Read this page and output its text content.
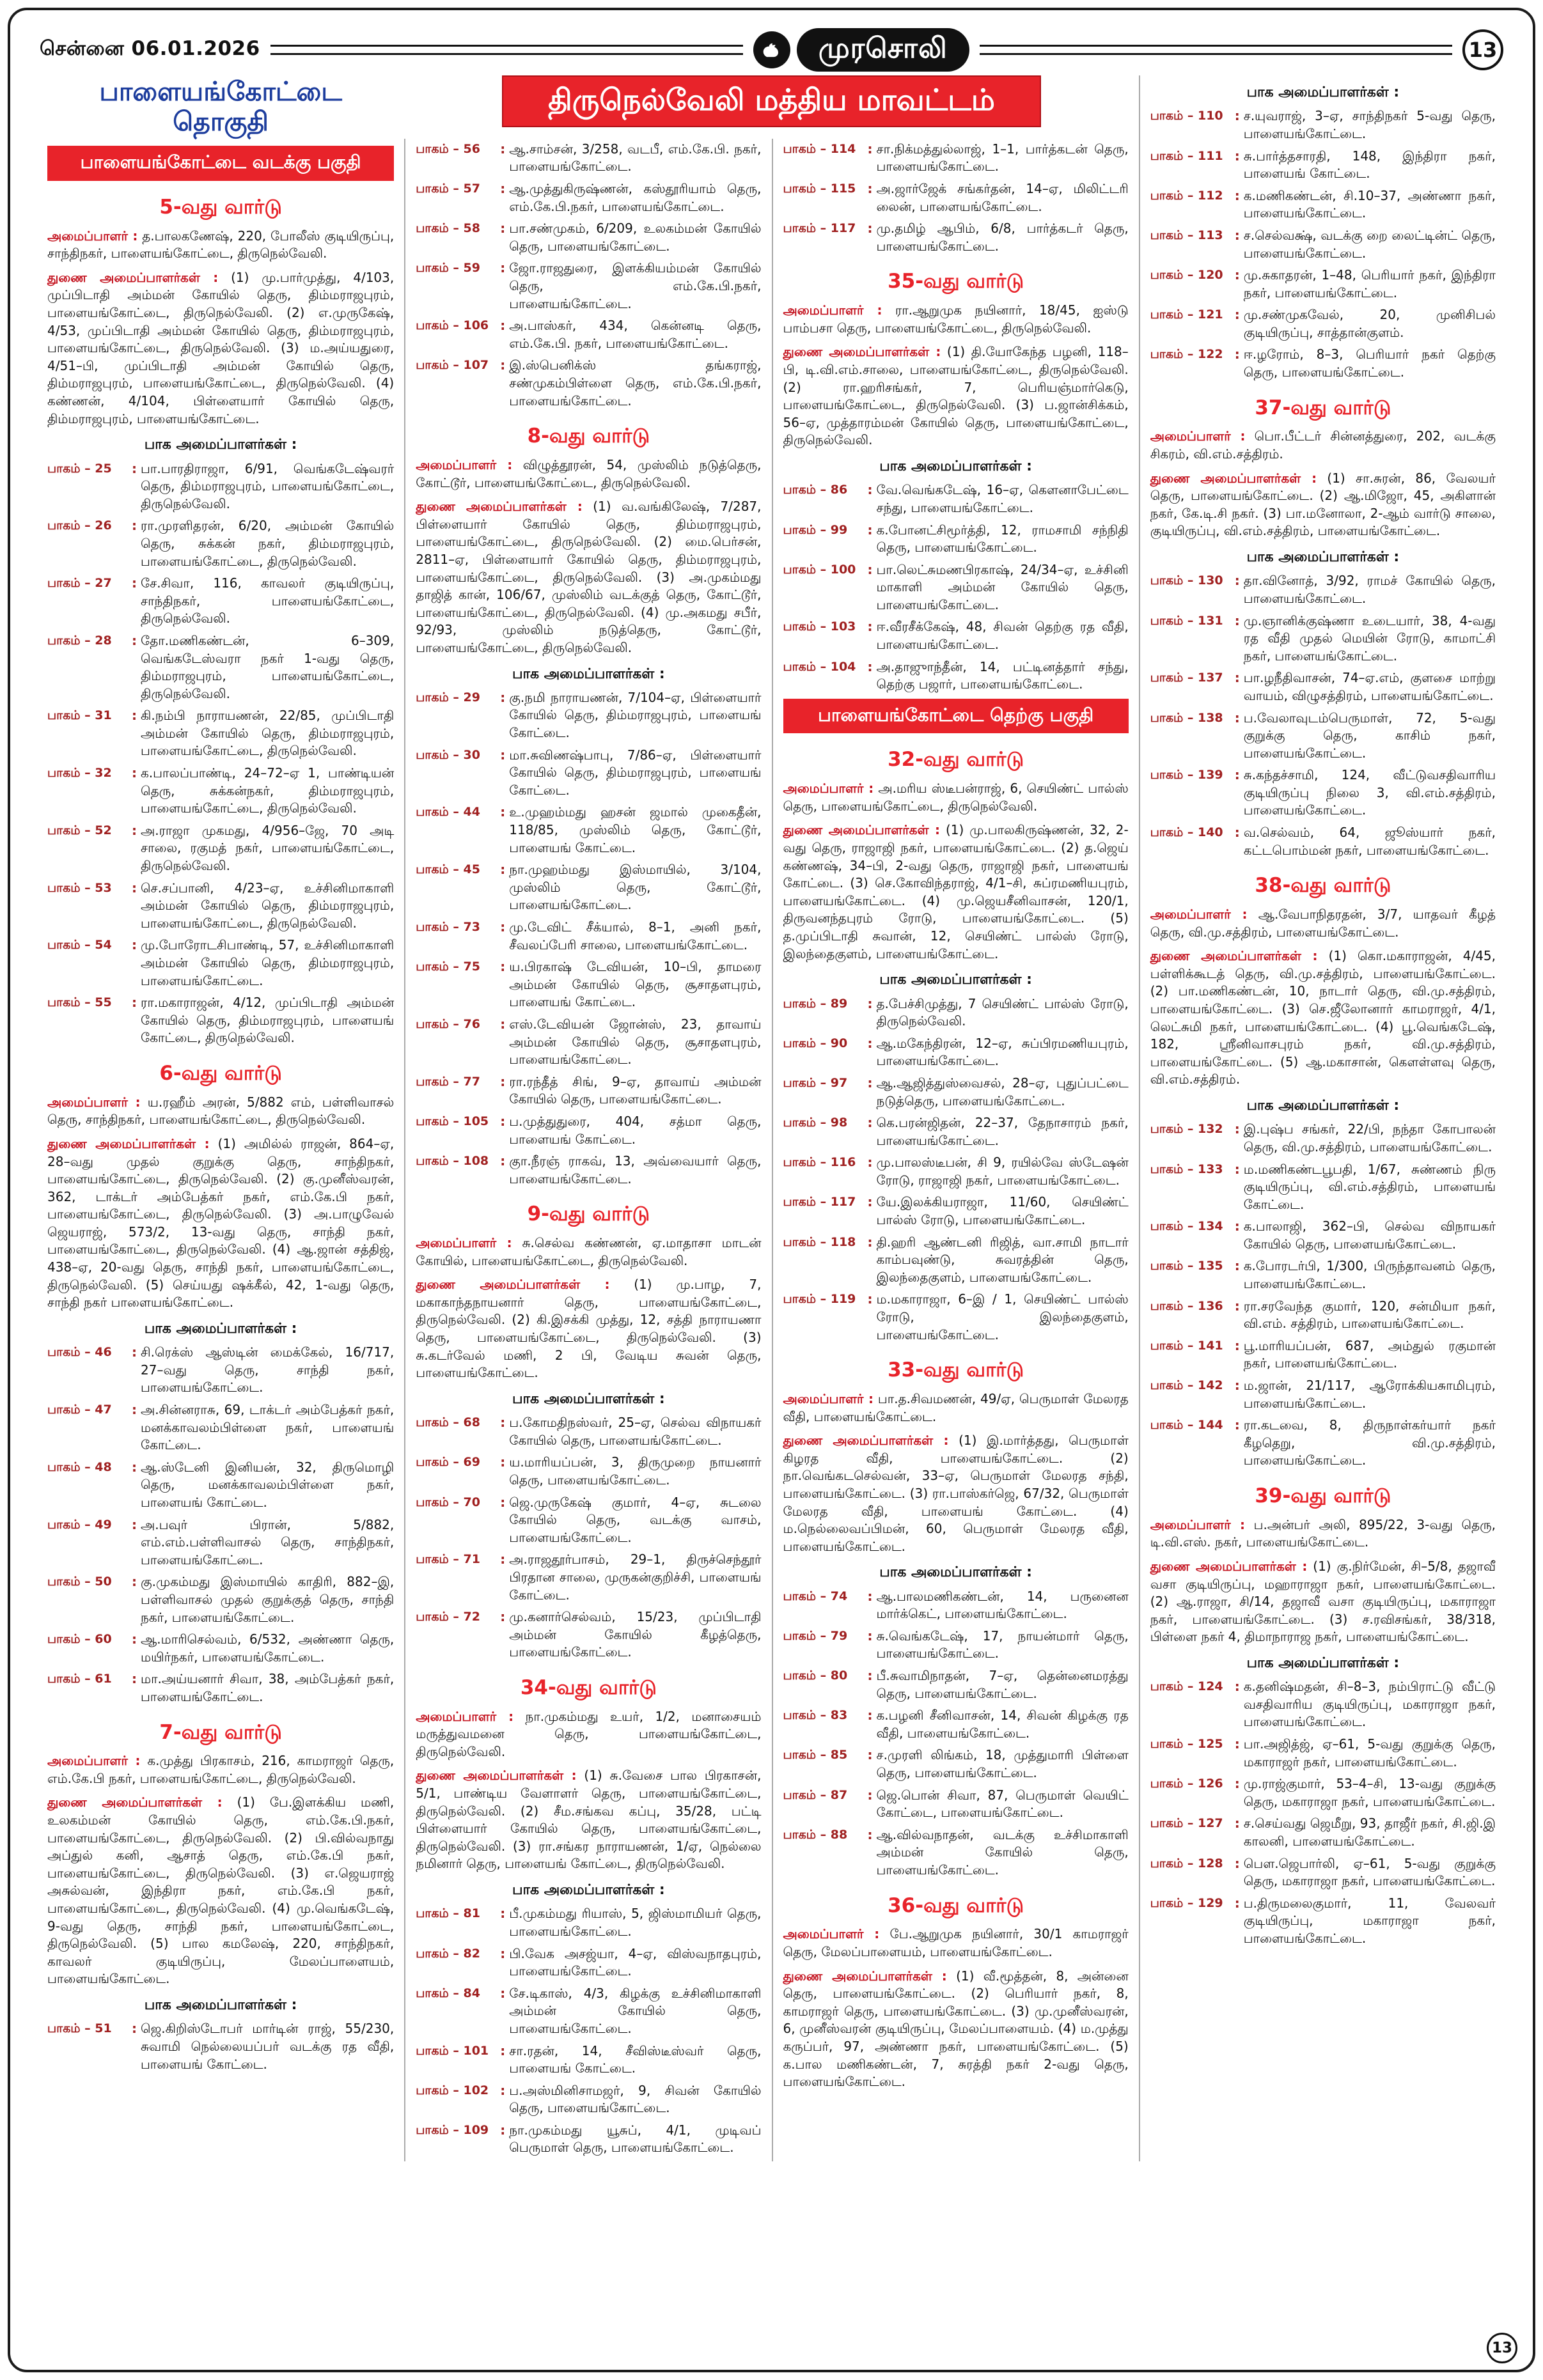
சென்னை 06.01.2026	முரசொலி	13
திருநெல்வேலி மத்திய மாவட்டம்
பாளையங்கோட்டை தொகுதி
பாளையங்கோட்டை வடக்கு பகுதி
5-வது வார்டு

அமைப்பாளர் : த.பாலகணேஷ், 220, போலீஸ் குடியிருப்பு, சாந்திநகர், பாளையங்கோட்டை, திருநெல்வேலி.

துணை அமைப்பாளர்கள் : (1) மு.பார்முத்து, 4/103, முப்பிடாதி அம்மன் கோயில் தெரு, திம்மராஜபுரம், பாளையங்கோட்டை, திருநெல்வேலி. (2) எ.முருகேஷ், 4/53, முப்பிடாதி அம்மன் கோயில் தெரு, திம்மராஜபுரம், பாளையங்கோட்டை, திருநெல்வேலி. (3) ம.அய்யதுரை, 4/51–பி, முப்பிடாதி அம்மன் கோயில் தெரு, திம்மராஜபுரம், பாளையங்கோட்டை, திருநெல்வேலி. (4) கண்ணன், 4/104, பிள்ளையார் கோயில் தெரு, திம்மராஜபுரம், பாளையங்கோட்டை.

பாக அமைப்பாளர்கள் :
பாகம் – 25	: பா.பாரதிராஜா, 6/91, வெங்கடேஷ்வரர் தெரு, திம்மராஜபுரம், பாளையங்கோட்டை, திருநெல்வேலி.
பாகம் – 26	: ரா.முரளிதரன், 6/20, அம்மன் கோயில் தெரு, சுக்கன் நகர், திம்மராஜபுரம், பாளையங்கோட்டை, திருநெல்வேலி.
பாகம் – 27	: சே.சிவா, 116, காவலர் குடியிருப்பு, சாந்திநகர், பாளையங்கோட்டை, திருநெல்வேலி.
பாகம் – 28	: தோ.மணிகண்டன், 6–309, வெங்கடேஸ்வரா நகர் 1-வது தெரு, திம்மராஜபுரம், பாளையங்கோட்டை, திருநெல்வேலி.
பாகம் – 31	: கி.நம்பி நாராயணன், 22/85, முப்பிடாதி அம்மன் கோயில் தெரு, திம்மராஜபுரம், பாளையங்கோட்டை, திருநெல்வேலி.
பாகம் – 32	: க.பாலப்பாண்டி, 24–72–ஏ 1, பாண்டியன் தெரு, சுக்கன்நகர், திம்மராஜபுரம், பாளையங்கோட்டை, திருநெல்வேலி.
பாகம் – 52	: அ.ராஜா முகமது, 4/956–ஜே, 70 அடி சாலை, ரகுமத் நகர், பாளையங்கோட்டை, திருநெல்வேலி.
பாகம் – 53	: செ.சப்பானி, 4/23–ஏ, உச்சினிமாகாளி அம்மன் கோயில் தெரு, திம்மராஜபுரம், பாளையங்கோட்டை, திருநெல்வேலி.
பாகம் – 54	: மு.போரோடசிபாண்டி, 57, உச்சினிமாகாளி அம்மன் கோயில் தெரு, திம்மராஜபுரம், பாளையங்கோட்டை.
பாகம் – 55	: ரா.மகாராஜன், 4/12, முப்பிடாதி அம்மன் கோயில் தெரு, திம்மராஜபுரம், பாளையங் கோட்டை, திருநெல்வேலி.
6-வது வார்டு

அமைப்பாளர் : ய.ரஹீம் அரன், 5/882 எம், பள்ளிவாசல் தெரு, சாந்திநகர், பாளையங்கோட்டை, திருநெல்வேலி.

துணை அமைப்பாளர்கள் : (1) அமில்ல் ராஜன், 864–ஏ, 28–வது முதல் குறுக்கு தெரு, சாந்திநகர், பாளையங்கோட்டை, திருநெல்வேலி. (2) கு.முனீஸ்வரன், 362, டாக்டர் அம்பேத்கர் நகர், எம்.கே.பி நகர், பாளையங்கோட்டை, திருநெல்வேலி. (3) அ.பாழுவேல் ஜெயராஜ், 573/2, 13-வது தெரு, சாந்தி நகர், பாளையங்கோட்டை, திருநெல்வேலி. (4) ஆ.ஜான் சத்திஜ், 438–ஏ, 20-வது தெரு, சாந்தி நகர், பாளையங்கோட்டை, திருநெல்வேலி. (5) செய்யது ஷக்கீல், 42, 1-வது தெரு, சாந்தி நகர் பாளையங்கோட்டை.

பாக அமைப்பாளர்கள் :
பாகம் – 46	: சி.ரெக்ஸ் ஆஸ்டின் மைக்கேல், 16/717, 27–வது தெரு, சாந்தி நகர், பாளையங்கோட்டை.
பாகம் – 47	: அ.சின்னராசு, 69, டாக்டர் அம்பேத்கர் நகர், மனக்காவலம்பிள்ளை நகர், பாளையங் கோட்டை.
பாகம் – 48	: ஆ.ஸ்டேனி இனியன், 32, திருமொழி தெரு, மனக்காவலம்பிள்ளை நகர், பாளையங் கோட்டை.
பாகம் – 49	: அ.பவுர் பிரான், 5/882, எம்.எம்.பள்ளிவாசல் தெரு, சாந்திநகர், பாளையங்கோட்டை.
பாகம் – 50	: கு.முகம்மது இஸ்மாயில் காதிரி, 882–இ, பள்ளிவாசல் முதல் குறுக்குத் தெரு, சாந்தி நகர், பாளையங்கோட்டை.
பாகம் – 60	: ஆ.மாரிசெல்வம், 6/532, அண்ணா தெரு, மயிர்நகர், பாளையங்கோட்டை.
பாகம் – 61	: மா.அய்யனார் சிவா, 38, அம்பேத்கர் நகர், பாளையங்கோட்டை.
7-வது வார்டு

அமைப்பாளர் : க.முத்து பிரகாசம், 216, காமராஜர் தெரு, எம்.கே.பி நகர், பாளையங்கோட்டை, திருநெல்வேலி.

துணை அமைப்பாளர்கள் : (1) பே.இளக்கிய மணி, உலகம்மன் கோயில் தெரு, எம்.கே.பி.நகர், பாளையங்கோட்டை, திருநெல்வேலி. (2) பி.வில்வநாது அப்துல் கனி, ஆசாத் தெரு, எம்.கே.பி நகர், பாளையங்கோட்டை, திருநெல்வேலி. (3) எ.ஜெயராஜ் அசுல்வன், இந்திரா நகர், எம்.கே.பி நகர், பாளையங்கோட்டை, திருநெல்வேலி. (4) மு.வெங்கடேஷ், 9-வது தெரு, சாந்தி நகர், பாளையங்கோட்டை, திருநெல்வேலி. (5) பால கமலேஷ், 220, சாந்திநகர், காவலர் குடியிருப்பு, மேலப்பாளையம், பாளையங்கோட்டை.

பாக அமைப்பாளர்கள் :
பாகம் – 51	: ஜெ.கிறிஸ்டோபர் மார்டின் ராஜ், 55/230, சுவாமி நெல்லையப்பர் வடக்கு ரத வீதி, பாளையங் கோட்டை.
பாகம் – 56	: ஆ.சாம்சன், 3/258, வடபீ, எம்.கே.பி. நகர், பாளையங்கோட்டை.
பாகம் – 57	: ஆ.முத்துகிருஷ்ணன், கஸ்தூரியாம் தெரு, எம்.கே.பி.நகர், பாளையங்கோட்டை.
பாகம் – 58	: பா.சண்முகம், 6/209, உலகம்மன் கோயில் தெரு, பாளையங்கோட்டை.
பாகம் – 59	: ஜோ.ராஜதுரை, இளக்கியம்மன் கோயில் தெரு, எம்.கே.பி.நகர், பாளையங்கோட்டை.
பாகம் – 106 : அ.பாஸ்கர், 434, கென்னடி தெரு, எம்.கே.பி. நகர், பாளையங்கோட்டை.
பாகம் – 107 : இ.ஸ்பெனிக்ஸ் தங்கராஜ், சண்முகம்பிள்ளை தெரு, எம்.கே.பி.நகர், பாளையங்கோட்டை.
8-வது வார்டு

அமைப்பாளர் : விழுத்தூரன், 54, முஸ்லிம் நடுத்தெரு, கோட்டூர், பாளையங்கோட்டை, திருநெல்வேலி.

துணை அமைப்பாளர்கள் : (1) வ.வங்கிலேஷ், 7/287, பிள்ளையார் கோயில் தெரு, திம்மராஜபுரம், பாளையங்கோட்டை, திருநெல்வேலி. (2) மை.பெர்சன், 2811–ஏ, பிள்ளையார் கோயில் தெரு, திம்மராஜபுரம், பாளையங்கோட்டை, திருநெல்வேலி. (3) அ.முகம்மது தாஜித் கான், 106/67, முஸ்லிம் வடக்குத் தெரு, கோட்டூர், பாளையங்கோட்டை, திருநெல்வேலி. (4) மு.அகமது சபீர், 92/93, முஸ்லிம் நடுத்தெரு, கோட்டூர், பாளையங்கோட்டை, திருநெல்வேலி.

பாக அமைப்பாளர்கள் :
பாகம் – 29	: கு.நமி நாராயணன், 7/104–ஏ, பிள்ளையார் கோயில் தெரு, திம்மராஜபுரம், பாளையங் கோட்டை.
பாகம் – 30	: மா.சுவிணஷ்பாபு, 7/86–ஏ, பிள்ளையார் கோயில் தெரு, திம்மராஜபுரம், பாளையங் கோட்டை.
பாகம் – 44	: உ.முஹம்மது ஹசன் ஜமால் முகைதீன், 118/85, முஸ்லிம் தெரு, கோட்டூர், பாளையங் கோட்டை.
பாகம் – 45	: நா.முஹம்மது இஸ்மாயில், 3/104, முஸ்லிம் தெரு, கோட்டூர், பாளையங்கோட்டை.
பாகம் – 73	: மு.டேவிட் சீக்யால், 8–1, அனி நகர், சீவலப்பேரி சாலை, பாளையங்கோட்டை.
பாகம் – 75	: ய.பிரகாஷ் டேவியன், 10–பி, தாமரை அம்மன் கோயில் தெரு, சூசாதளபுரம், பாளையங் கோட்டை.
பாகம் – 76	: எஸ்.டேவியன் ஜோன்ஸ், 23, தாவாய் அம்மன் கோயில் தெரு, சூசாதளபுரம், பாளையங்கோட்டை.
பாகம் – 77	: ரா.ரந்தீத் சிங், 9–ஏ, தாவாய் அம்மன் கோயில் தெரு, பாளையங்கோட்டை.
பாகம் – 105 : ப.முத்துதுரை, 404, சத்மா தெரு, பாளையங் கோட்டை.
பாகம் – 108 : குா.நீரஞ் ராகவ், 13, அவ்வையார் தெரு, பாளையங்கோட்டை.
9-வது வார்டு

அமைப்பாளர் : சு.செல்வ கண்ணன், ஏ.மாதாசா மாடன் கோயில், பாளையங்கோட்டை, திருநெல்வேலி.

துணை அமைப்பாளர்கள் : (1) மு.பாழ, 7, மகாகாந்தநாயனார் தெரு, பாளையங்கோட்டை, திருநெல்வேலி. (2) கி.இசக்கி முத்து, 12, சத்தி நாராயணா தெரு, பாளையங்கோட்டை, திருநெல்வேலி. (3) சு.கடர்வேல் மணி, 2 பி, வேடிய சுவன் தெரு, பாளையங்கோட்டை.

பாக அமைப்பாளர்கள் :
பாகம் – 68	: ப.கோமதிநஸ்வர், 25–ஏ, செல்வ விநாயகர் கோயில் தெரு, பாளையங்கோட்டை.
பாகம் – 69	: ய.மாரியப்பன், 3, திருமுறை நாயனார் தெரு, பாளையங்கோட்டை.
பாகம் – 70	: ஜெ.முருகேஷ் குமார், 4–ஏ, சுடலை கோயில் தெரு, வடக்கு வாசம், பாளையங்கோட்டை.
பாகம் – 71	: அ.ராஜதூர்பாசம், 29–1, திருச்செந்தூர் பிரதான சாலை, முருகன்குறிச்சி, பாளையங் கோட்டை.
பாகம் – 72	: மு.கனார்செல்வம், 15/23, முப்பிடாதி அம்மன் கோயில் கீழத்தெரு, பாளையங்கோட்டை.
34-வது வார்டு

அமைப்பாளர் : நா.முகம்மது உயர், 1/2, மனாசையம் மருத்துவமனை தெரு, பாளையங்கோட்டை, திருநெல்வேலி.

துணை அமைப்பாளர்கள் : (1) சு.வேசை பால பிரகாசன், 5/1, பாண்டிய வேளாளர் தெரு, பாளையங்கோட்டை, திருநெல்வேலி. (2) சீம.சங்கவ கப்பு, 35/28, பட்டி பிள்ளையார் கோயில் தெரு, பாளையங்கோட்டை, திருநெல்வேலி. (3) ரா.சங்கர நாராயணன், 1/ஏ, நெல்லை நமினார் தெரு, பாளையங் கோட்டை, திருநெல்வேலி.

பாக அமைப்பாளர்கள் :
பாகம் – 81	: பீ.முகம்மது ரியாஸ், 5, ஜிஸ்மாமியர் தெரு, பாளையங்கோட்டை.
பாகம் – 82	: பி.வேக அசஜ்யா, 4–ஏ, விஸ்வநாதபுரம், பாளையங்கோட்டை.
பாகம் – 84	: சே.டிகாஸ், 4/3, கிழக்கு உச்சினிமாகாளி அம்மன் கோயில் தெரு, பாளையங்கோட்டை.
பாகம் – 101 : சா.ரதன், 14, சீவிஸ்டீஸ்வர் தெரு, பாளையங் கோட்டை.
பாகம் – 102 : ப.அஸ்மினிசாமஜர், 9, சிவன் கோயில் தெரு, பாளையங்கோட்டை.
பாகம் – 109 : நா.முகம்மது யூசுப், 4/1, முடிவப் பெருமாள் தெரு, பாளையங்கோட்டை.
பாகம் – 114 : சா.நிக்மத்துல்லாஜ், 1–1, பார்த்கடன் தெரு, பாளையங்கோட்டை.
பாகம் – 115 : அ.ஜார்ஜேக் சங்கர்தன், 14–ஏ, மிலிட்டரி லைன், பாளையங்கோட்டை.
பாகம் – 117 : மு.தமிழ் ஆபிம், 6/8, பார்த்கடர் தெரு, பாளையங்கோட்டை.
35-வது வார்டு

அமைப்பாளர் : ரா.ஆறுமுக நயினார், 18/45, ஐஸ்டு பாம்பசா தெரு, பாளையங்கோட்டை, திருநெல்வேலி.

துணை அமைப்பாளர்கள் : (1) தி.யோகேந்த பழனி, 118–பி, டி.வி.எம்.சாலை, பாளையங்கோட்டை, திருநெல்வேலி. (2) ரா.ஹரிசங்கர், 7, பெரியஞ்மார்கெடு, பாளையங்கோட்டை, திருநெல்வேலி. (3) ப.ஜான்சிக்கம், 56–ஏ, முத்தாரம்மன் கோயில் தெரு, பாளையங்கோட்டை, திருநெல்வேலி.

பாக அமைப்பாளர்கள் :
பாகம் – 86	: வே.வெங்கடேஷ், 16–ஏ, கௌனாபேட்டை சந்து, பாளையங்கோட்டை.
பாகம் – 99	: க.போனட்சிமூர்த்தி, 12, ராமசாமி சந்நிதி தெரு, பாளையங்கோட்டை.
பாகம் – 100 : பா.லெட்சுமணபிரகாஷ், 24/34–ஏ, உச்சினி மாகாளி அம்மன் கோயில் தெரு, பாளையங்கோட்டை.
பாகம் – 103 : ஈ.வீரசீக்கேஷ், 48, சிவன் தெற்கு ரத வீதி, பாளையங்கோட்டை.
பாகம் – 104 : அ.தாஜுாந்தீன், 14, பட்டினத்தார் சந்து, தெற்கு பஜார், பாளையங்கோட்டை.
பாளையங்கோட்டை தெற்கு பகுதி
32-வது வார்டு

அமைப்பாளர் : அ.மரிய ஸ்டீபன்ராஜ், 6, செயிண்ட் பால்ஸ் தெரு, பாளையங்கோட்டை, திருநெல்வேலி.

துணை அமைப்பாளர்கள் : (1) மு.பாலகிருஷ்ணன், 32, 2-வது தெரு, ராஜாஜி நகர், பாளையங்கோட்டை. (2) த.ஜெய் கண்ணஷ், 34–பி, 2-வது தெரு, ராஜாஜி நகர், பாளையங் கோட்டை. (3) செ.கோவிந்தராஜ், 4/1–சி, சுப்ரமணியபுரம், பாளையங்கோட்டை. (4) மு.ஜெயசீனிவாசன், 120/1, திருவனந்தபுரம் ரோடு, பாளையங்கோட்டை. (5) த.முப்பிடாதி சுவான், 12, செயிண்ட் பால்ஸ் ரோடு, இலந்தைகுளம், பாளையங்கோட்டை.

பாக அமைப்பாளர்கள் :
பாகம் – 89	: த.பேச்சிமுத்து, 7 செயிண்ட் பால்ஸ் ரோடு, திருநெல்வேலி.
பாகம் – 90	: ஆ.மகேந்திரன், 12–ஏ, சுப்பிரமணியபுரம், பாளையங்கோட்டை.
பாகம் – 97	: ஆ.ஆஜித்துஸ்வைசல், 28–ஏ, புதுப்பட்டை நடுத்தெரு, பாளையங்கோட்டை.
பாகம் – 98	: கெ.பரன்ஜிதன், 22–37, தேநாசாரம் நகர், பாளையங்கோட்டை.
பாகம் – 116 : மு.பாலஸ்டீபன், சி 9, ரயில்வே ஸ்டேஷன் ரோடு, ராஜாஜி நகர், பாளையங்கோட்டை.
பாகம் – 117 : யே.இலக்கியராஜா, 11/60, செயிண்ட் பால்ஸ் ரோடு, பாளையங்கோட்டை.
பாகம் – 118 : தி.ஹரி ஆண்டனி ரிஜித், வா.சாமி நாடார் காம்பவுண்டு, சுவரத்தின் தெரு, இலந்தைகுளம், பாளையங்கோட்டை.
பாகம் – 119 : ம.மகாராஜா, 6–இ / 1, செயிண்ட் பால்ஸ் ரோடு, இலந்தைகுளம், பாளையங்கோட்டை.
33-வது வார்டு

அமைப்பாளர் : பா.த.சிவமணன், 49/ஏ, பெருமாள் மேலரத வீதி, பாளையங்கோட்டை.

துணை அமைப்பாளர்கள் : (1) இ.மார்த்தது, பெருமாள் கிழரத வீதி, பாளையங்கோட்டை. (2) நா.வெங்கடசெல்வன், 33–ஏ, பெருமாள் மேலரத சந்தி, பாளையங்கோட்டை. (3) ரா.பாஸ்கர்ஜெ, 67/32, பெருமாள் மேலரத வீதி, பாளையங் கோட்டை. (4) ம.நெல்லைவப்பிமன், 60, பெருமாள் மேலரத வீதி, பாளையங்கோட்டை.

பாக அமைப்பாளர்கள் :
பாகம் – 74	: ஆ.பாலமணிகண்டன், 14, பருனைன மார்க்கெட், பாளையங்கோட்டை.
பாகம் – 79	: சு.வெங்கடேஷ், 17, நாயன்மார் தெரு, பாளையங்கோட்டை.
பாகம் – 80	: பீ.சுவாமிநாதன், 7–ஏ, தென்னைமரத்து தெரு, பாளையங்கோட்டை.
பாகம் – 83	: க.பழனி சீனிவாசன், 14, சிவன் கிழக்கு ரத வீதி, பாளையங்கோட்டை.
பாகம் – 85	: ச.முரளி லிங்கம், 18, முத்துமாரி பிள்ளை தெரு, பாளையங்கோட்டை.
பாகம் – 87	: ஜெ.பொன் சிவா, 87, பெருமாள் வெயிட் கோட்டை, பாளையங்கோட்டை.
பாகம் – 88	: ஆ.வில்வநாதன், வடக்கு உச்சிமாகாளி அம்மன் கோயில் தெரு, பாளையங்கோட்டை.
36-வது வார்டு

அமைப்பாளர் : பே.ஆறுமுக நயினார், 30/1 காமராஜர் தெரு, மேலப்பாளையம், பாளையங்கோட்டை.

துணை அமைப்பாளர்கள் : (1) வீ.மூத்தன், 8, அன்னை தெரு, பாளையங்கோட்டை. (2) பெரியார் நகர், 8, காமராஜர் தெரு, பாளையங்கோட்டை. (3) மு.முனீஸ்வரன், 6, முனீஸ்வரன் குடியிருப்பு, மேலப்பாளையம். (4) ம.முத்து கருப்பர், 97, அண்ணா நகர், பாளையங்கோட்டை. (5) க.பால மணிகண்டன், 7, சுரத்தி நகர் 2-வது தெரு, பாளையங்கோட்டை.

பாக அமைப்பாளர்கள் :
பாகம் – 110 : ச.யுவராஜ், 3–ஏ, சாந்திநகர் 5-வது தெரு, பாளையங்கோட்டை.
பாகம் – 111 : சு.பார்த்தசாரதி, 148, இந்திரா நகர், பாளையங் கோட்டை.
பாகம் – 112 : க.மணிகண்டன், சி.10–37, அண்ணா நகர், பாளையங்கோட்டை.
பாகம் – 113 : ச.செல்வக்ஷ், வடக்கு றை லைட்டின்ட் தெரு, பாளையங்கோட்டை.
பாகம் – 120 : மு.சுகாதரன், 1–48, பெரியார் நகர், இந்திரா நகர், பாளையங்கோட்டை.
பாகம் – 121 : மு.சண்முகவேல், 20, முனிசிபல் குடியிருப்பு, சாத்தான்குளம்.
பாகம் – 122 : ஈ.ழரோம், 8–3, பெரியார் நகர் தெற்கு தெரு, பாளையங்கோட்டை.
37-வது வார்டு

அமைப்பாளர் : பொ.பீட்டர் சின்னத்துரை, 202, வடக்கு சிகரம், வி.எம்.சத்திரம்.

துணை அமைப்பாளர்கள் : (1) சா.சுரன், 86, வேலயர் தெரு, பாளையங்கோட்டை. (2) ஆ.மிஜோ, 45, அகிளான் நகர், கே.டி.சி நகர். (3) பா.மனோலா, 2-ஆம் வார்டு சாலை, குடியிருப்பு, வி.எம்.சத்திரம், பாளையங்கோட்டை.

பாக அமைப்பாளர்கள் :
பாகம் – 130 : தா.வினோத், 3/92, ராமச் கோயில் தெரு, பாளையங்கோட்டை.
பாகம் – 131 : மு.ஞானிக்குஷ்ணா உடையார், 38, 4-வது ரத வீதி முதல் மெயின் ரோடு, காமாட்சி நகர், பாளையங்கோட்டை.
பாகம் – 137 : பா.ழநீதிவாசன், 74–ஏ.எம், குளசை மாற்று வாயம், விழுசத்திரம், பாளையங்கோட்டை.
பாகம் – 138 : ப.வேலாவுடம்பெருமாள், 72, 5-வது குறுக்கு தெரு, காசிம் நகர், பாளையங்கோட்டை.
பாகம் – 139 : சு.கந்தச்சாமி, 124, வீட்டுவசதிவாரிய குடியிருப்பு நிலை 3, வி.எம்.சத்திரம், பாளையங்கோட்டை.
பாகம் – 140 : வ.செல்வம், 64, ஜூஸ்யார் நகர், கட்டபொம்மன் நகர், பாளையங்கோட்டை.
38-வது வார்டு

அமைப்பாளர் : ஆ.வேபாநிதரதன், 3/7, யாதவர் கீழத் தெரு, வி.மு.சத்திரம், பாளையங்கோட்டை.

துணை அமைப்பாளர்கள் : (1) கொ.மகாராஜன், 4/45, பள்ளிக்கூடத் தெரு, வி.மு.சத்திரம், பாளையங்கோட்டை. (2) பா.மணிகண்டன், 10, நாடார் தெரு, வி.மு.சத்திரம், பாளையங்கோட்டை. (3) செ.ஜீலோனார் காமராஜர், 4/1, லெட்சுமி நகர், பாளையங்கோட்டை. (4) பூ.வெங்கடேஷ், 182, ஸ்ரீனிவாசபுரம் நகர், வி.மு.சத்திரம், பாளையங்கோட்டை. (5) ஆ.மகாசான், கௌள்ளவு தெரு, வி.எம்.சத்திரம்.

பாக அமைப்பாளர்கள் :
பாகம் – 132 : இ.புஷ்ப சங்கர், 22/பி, நந்தா கோபாலன் தெரு, வி.மு.சத்திரம், பாளையங்கோட்டை.
பாகம் – 133 : ம.மணிகண்டபூபதி, 1/67, சுண்ணம் நிரு குடியிருப்பு, வி.எம்.சத்திரம், பாளையங் கோட்டை.
பாகம் – 134 : க.பாலாஜி, 362–பி, செல்வ விநாயகர் கோயில் தெரு, பாளையங்கோட்டை.
பாகம் – 135 : க.போரடர்பி, 1/300, பிருந்தாவனம் தெரு, பாளையங்கோட்டை.
பாகம் – 136 : ரா.சரவேந்த குமார், 120, சன்மியா நகர், வி.எம். சத்திரம், பாளையங்கோட்டை.
பாகம் – 141 : பூ.மாரியப்பன், 687, அம்துல் ரகுமான் நகர், பாளையங்கோட்டை.
பாகம் – 142 : ம.ஜான், 21/117, ஆரோக்கியசுாமிபுரம், பாளையங்கோட்டை.
பாகம் – 144 : ரா.கடவை, 8, திருநாள்கர்யார் நகர் கீழதெறு, வி.மு.சத்திரம், பாளையங்கோட்டை.
39-வது வார்டு

அமைப்பாளர் : ப.அன்பர் அலி, 895/22, 3-வது தெரு, டி.வி.எஸ். நகர், பாளையங்கோட்டை.

துணை அமைப்பாளர்கள் : (1) கு.நிர்மேன், சி–5/8, தஜாவீ வசா குடியிருப்பு, மஹாராஜா நகர், பாளையங்கோட்டை. (2) ஆ.ராஜா, சி/14, தஜாவீ வசா குடியிருப்பு, மகாராஜா நகர், பாளையங்கோட்டை. (3) ச.ரவிசங்கர், 38/318, பிள்ளை நகர் 4, திமாநாராஜ நகர், பாளையங்கோட்டை.

பாக அமைப்பாளர்கள் :
பாகம் – 124 : க.தனிஷ்மதன், சி–8–3, நம்பிராட்டு வீட்டு வசதிவாரிய குடியிருப்பு, மகாராஜா நகர், பாளையங்கோட்டை.
பாகம் – 125 : பா.அஜித்ஜ், ஏ–61, 5-வது குறுக்கு தெரு, மகாராஜர் நகர், பாளையங்கோட்டை.
பாகம் – 126 : மு.ராஜ்குமார், 53–4–சி, 13-வது குறுக்கு தெரு, மகாராஜா நகர், பாளையங்கோட்டை.
பாகம் – 127 : ச.செய்வது ஜெமீறு, 93, தாஜீர் நகர், சி.ஜி.இ காலனி, பாளையங்கோட்டை.
பாகம் – 128 : பௌ.ஜெபார்லி, ஏ–61, 5-வது குறுக்கு தெரு, மகாராஜா நகர், பாளையங்கோட்டை.
பாகம் – 129 : ப.திருமலைகுமார், 11, வேலவர் குடியிருப்பு, மகாராஜா நகர், பாளையங்கோட்டை.
13
